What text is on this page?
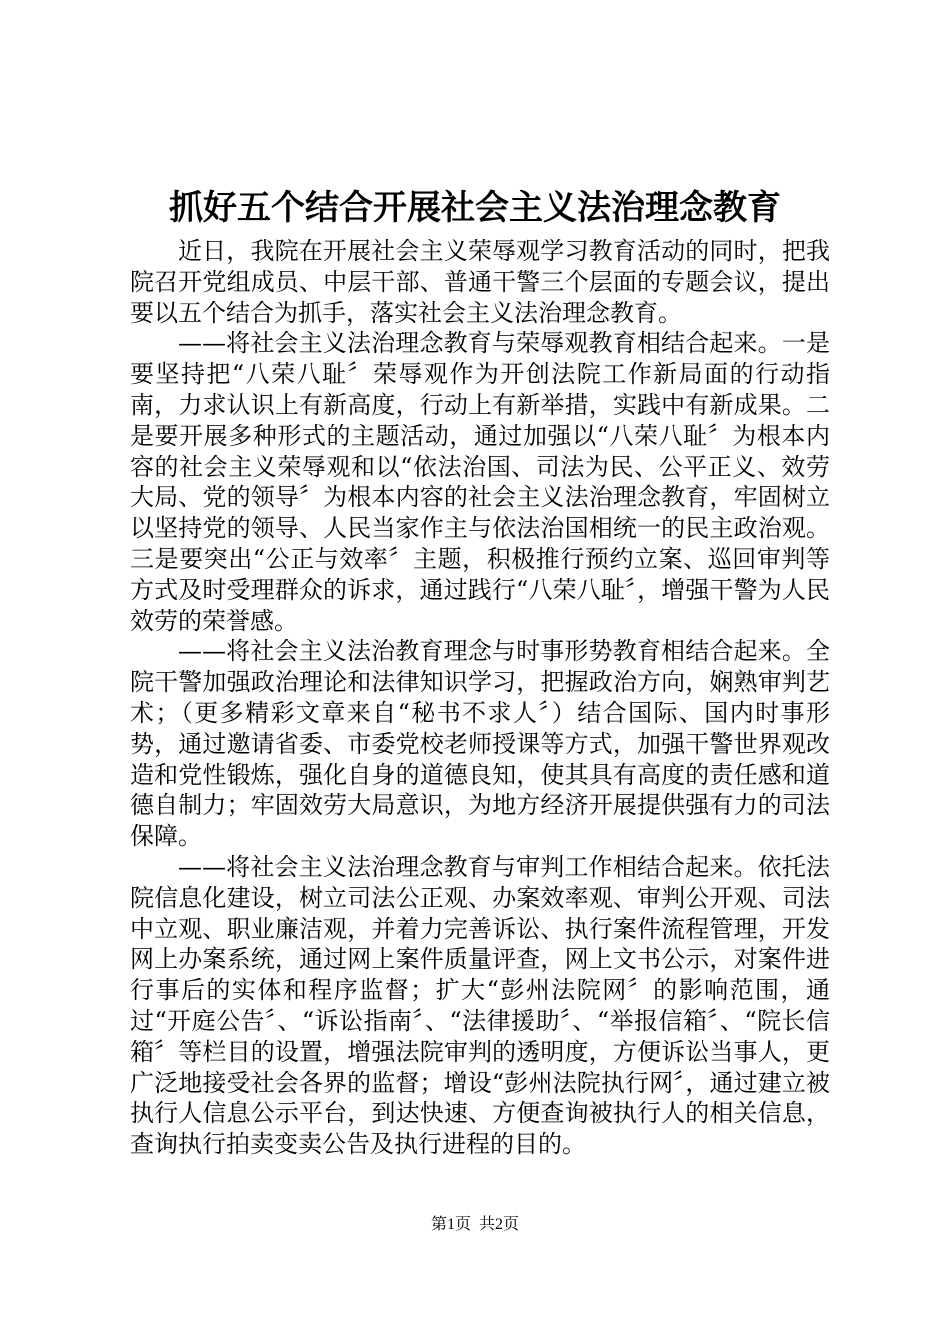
抓好五个结合开展社会主义法治理念教育

近日，我院在开展社会主义荣辱观学习教育活动的同时，把我院召开党组成员、中层干部、普通干警三个层面的专题会议，提出要以五个结合为抓手，落实社会主义法治理念教育。

——将社会主义法治理念教育与荣辱观教育相结合起来。一是要坚持把“八荣八耻〞荣辱观作为开创法院工作新局面的行动指南，力求认识上有新高度，行动上有新举措，实践中有新成果。二是要开展多种形式的主题活动，通过加强以“八荣八耻〞为根本内容的社会主义荣辱观和以“依法治国、司法为民、公平正义、效劳大局、党的领导〞为根本内容的社会主义法治理念教育，牢固树立以坚持党的领导、人民当家作主与依法治国相统一的民主政治观。三是要突出“公正与效率〞主题，积极推行预约立案、巡回审判等方式及时受理群众的诉求，通过践行“八荣八耻〞，增强干警为人民效劳的荣誉感。

——将社会主义法治教育理念与时事形势教育相结合起来。全院干警加强政治理论和法律知识学习，把握政治方向，娴熟审判艺术；（更多精彩文章来自“秘书不求人〞）结合国际、国内时事形势，通过邀请省委、市委党校老师授课等方式，加强干警世界观改造和党性锻炼，强化自身的道德良知，使其具有高度的责任感和道德自制力；牢固效劳大局意识，为地方经济开展提供强有力的司法保障。

——将社会主义法治理念教育与审判工作相结合起来。依托法院信息化建设，树立司法公正观、办案效率观、审判公开观、司法中立观、职业廉洁观，并着力完善诉讼、执行案件流程管理，开发网上办案系统，通过网上案件质量评查，网上文书公示，对案件进行事后的实体和程序监督；扩大“彭州法院网〞的影响范围，通过“开庭公告〞、“诉讼指南〞、“法律援助〞、“举报信箱〞、“院长信箱〞等栏目的设置，增强法院审判的透明度，方便诉讼当事人，更广泛地接受社会各界的监督；增设“彭州法院执行网〞，通过建立被执行人信息公示平台，到达快速、方便查询被执行人的相关信息，查询执行拍卖变卖公告及执行进程的目的。

第1页 共2页
